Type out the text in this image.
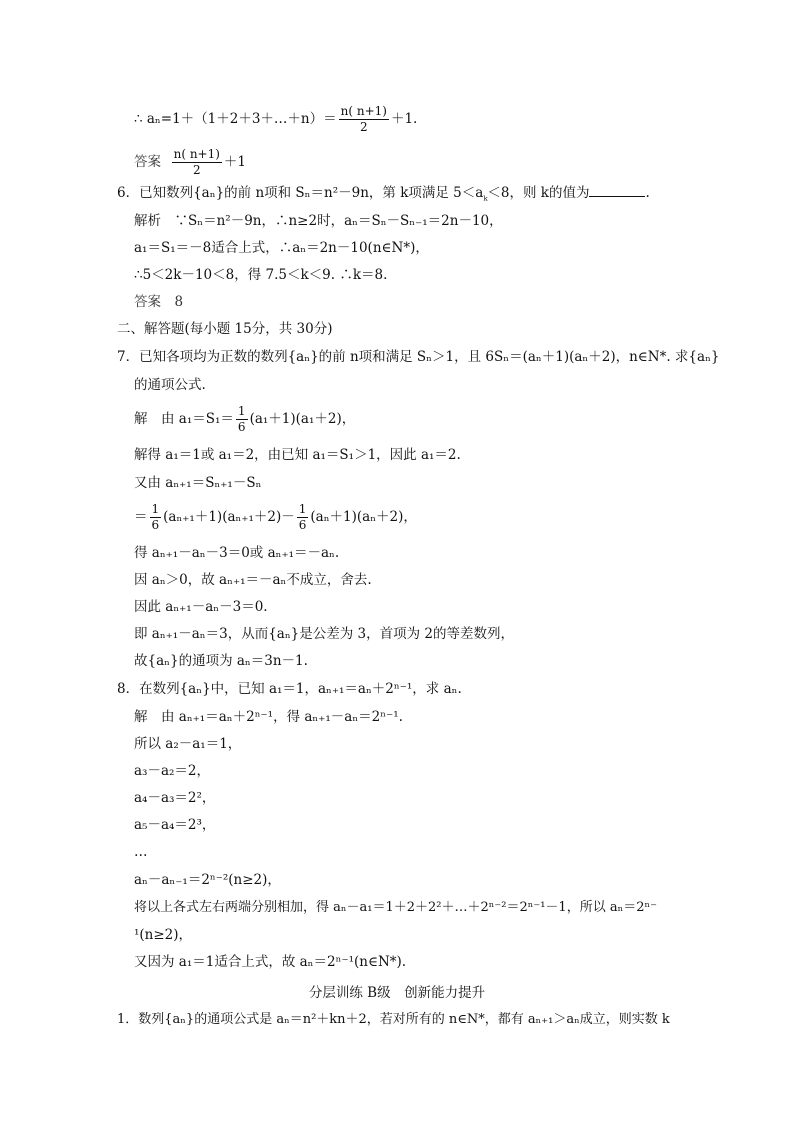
∴ aₙ=1＋（1＋2＋3＋…＋n）＝ $\frac{n( n+1)}{2} +1$.
答案 $\frac{n( n+1)}{2} +1$
6．已知数列{aₙ}的前 n项和 Sₙ＝n²－9n，第 k项满足 $5<a_{_k}<8$，则 k的值为	.
解析　∵Sₙ＝n²－9n，∴n≥2时，aₙ＝Sₙ－Sₙ₋₁＝2n－10，
a₁＝S₁＝－8适合上式，∴aₙ＝2n－10(n∈N*)，
∴5＜2k－10＜8，得 7.5＜k＜9. ∴k＝8.
答案　8
二、解答题(每小题 15分，共 30分)
7．已知各项均为正数的数列{aₙ}的前 n项和满足 Sₙ＞1，且 6Sₙ＝(aₙ＋1)(aₙ＋2)，n∈N*. 求{aₙ}
的通项公式.
解　由 $a_1=S_1= \frac{1}{6} (a_1+1)(a_1+2)$，
解得 a₁＝1或 a₁＝2，由已知 a₁＝S₁＞1，因此 a₁＝2.
又由 aₙ₊₁＝Sₙ₊₁－Sₙ
＝ $\frac{1}{6} (a_{n+1}+1)(a_{n+1}+2)- \frac{1}{6} (a_n+1)(a_n+2)$，
得 aₙ₊₁－aₙ－3＝0或 aₙ₊₁＝－aₙ.
因 aₙ＞0，故 aₙ₊₁＝－aₙ不成立，舍去.
因此 aₙ₊₁－aₙ－3＝0.
即 aₙ₊₁－aₙ＝3，从而{aₙ}是公差为 3，首项为 2的等差数列，
故{aₙ}的通项为 aₙ＝3n－1.
8．在数列{aₙ}中，已知 a₁＝1，aₙ₊₁＝aₙ＋2ⁿ⁻¹，求 aₙ.
解　由 aₙ₊₁＝aₙ＋2ⁿ⁻¹，得 aₙ₊₁－aₙ＝2ⁿ⁻¹.
所以 a₂－a₁＝1，
a₃－a₂＝2，
a₄－a₃＝2²，
a₅－a₄＝2³，
…
aₙ－aₙ₋₁＝2ⁿ⁻²(n≥2)，
将以上各式左右两端分别相加，得 aₙ－a₁＝1＋2＋2²＋…＋2ⁿ⁻²＝2ⁿ⁻¹－1，所以 aₙ＝2ⁿ⁻
¹(n≥2)，
又因为 a₁＝1适合上式，故 aₙ＝2ⁿ⁻¹(n∈N*).
分层训练 B级　创新能力提升
1．数列{aₙ}的通项公式是 aₙ＝n²＋kn＋2，若对所有的 n∈N*，都有 aₙ₊₁＞aₙ成立，则实数 k
